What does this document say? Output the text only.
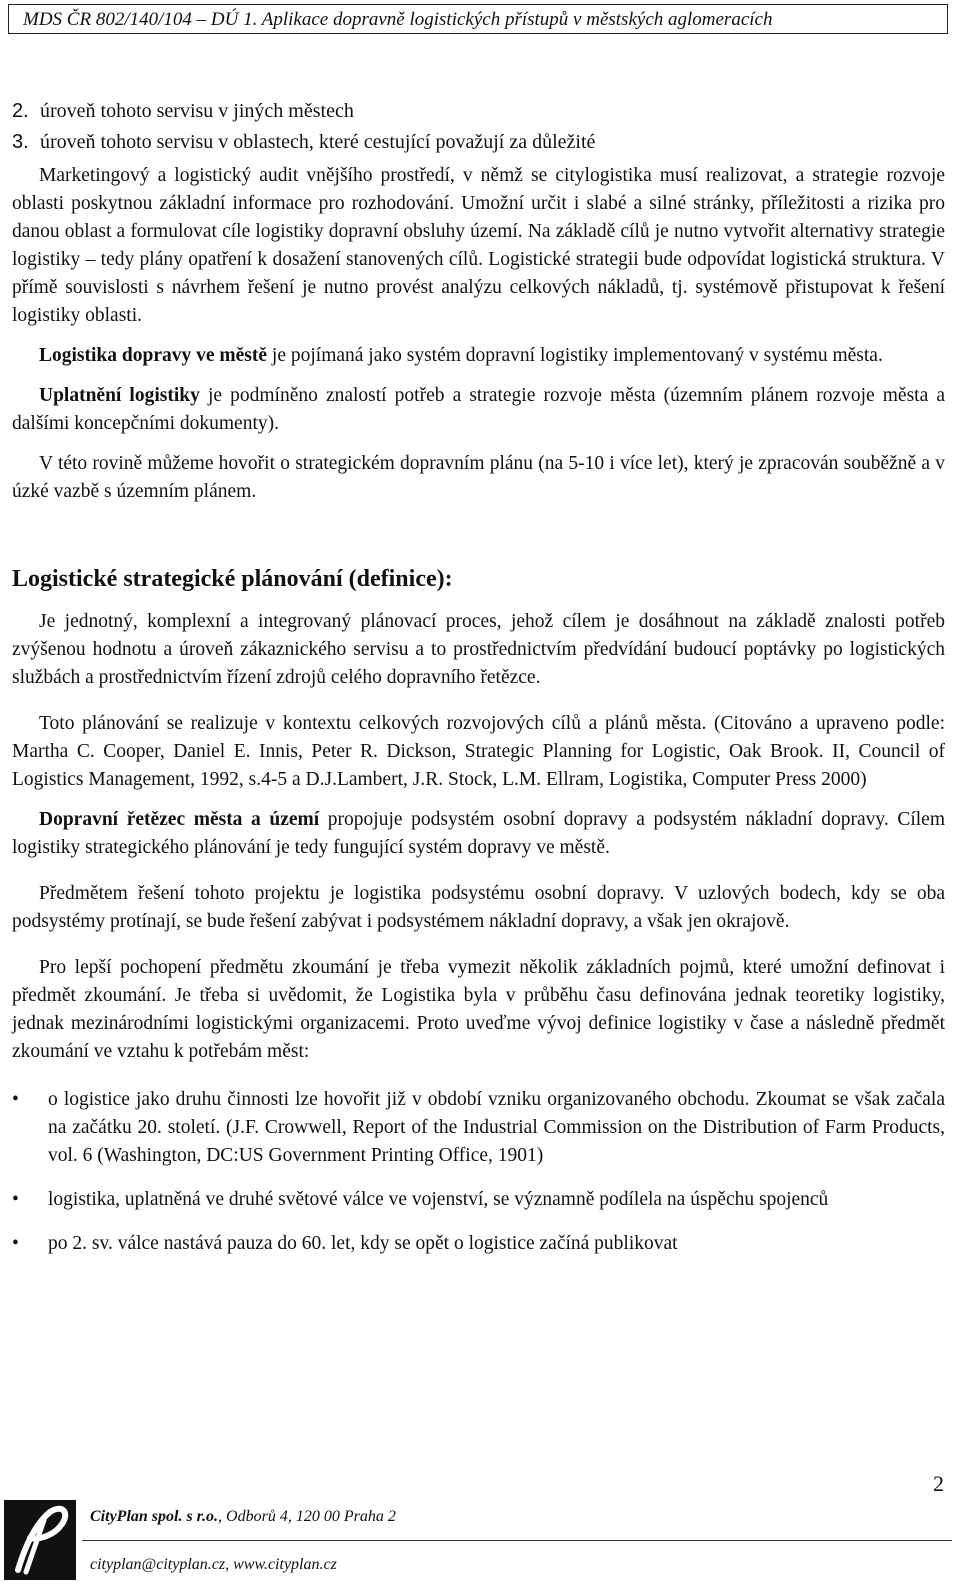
MDS ČR 802/140/104 – DÚ 1. Aplikace dopravně logistických přístupů v městských aglomeracích
2. úroveň tohoto servisu v jiných městech
3. úroveň tohoto servisu v oblastech, které cestující považují za důležité

Marketingový a logistický audit vnějšího prostředí, v němž se citylogistika musí realizovat, a strategie rozvoje oblasti poskytnou základní informace pro rozhodování. Umožní určit i slabé a silné stránky, příležitosti a rizika pro danou oblast a formulovat cíle logistiky dopravní obsluhy území. Na základě cílů je nutno vytvořit alternativy strategie logistiky – tedy plány opatření k dosažení stanovených cílů. Logistické strategii bude odpovídat logistická struktura. V přímě souvislosti s návrhem řešení je nutno provést analýzu celkových nákladů, tj. systémově přistupovat k řešení logistiky oblasti.

Logistika dopravy ve městě je pojímaná jako systém dopravní logistiky implementovaný v systému města.

Uplatnění logistiky je podmíněno znalostí potřeb a strategie rozvoje města (územním plánem rozvoje města a dalšími koncepčními dokumenty).

V této rovině můžeme hovořit o strategickém dopravním plánu (na 5-10 i více let), který je zpracován souběžně a v úzké vazbě s územním plánem.

Logistické strategické plánování (definice):

Je jednotný, komplexní a integrovaný plánovací proces, jehož cílem je dosáhnout na základě znalosti potřeb zvýšenou hodnotu a úroveň zákaznického servisu a to prostřednictvím předvídání budoucí poptávky po logistických službách a prostřednictvím řízení zdrojů celého dopravního řetězce.

Toto plánování se realizuje v kontextu celkových rozvojových cílů a plánů města. (Citováno a upraveno podle: Martha C. Cooper, Daniel E. Innis, Peter R. Dickson, Strategic Planning for Logistic, Oak Brook. II, Council of Logistics Management, 1992, s.4-5 a D.J.Lambert, J.R. Stock, L.M. Ellram, Logistika, Computer Press 2000)

Dopravní řetězec města a území propojuje podsystém osobní dopravy a podsystém nákladní dopravy. Cílem logistiky strategického plánování je tedy fungující systém dopravy ve městě.

Předmětem řešení tohoto projektu je logistika podsystému osobní dopravy. V uzlových bodech, kdy se oba podsystémy protínají, se bude řešení zabývat i podsystémem nákladní dopravy, a však jen okrajově.

Pro lepší pochopení předmětu zkoumání je třeba vymezit několik základních pojmů, které umožní definovat i předmět zkoumání. Je třeba si uvědomit, že Logistika byla v průběhu času definována jednak teoretiky logistiky, jednak mezinárodními logistickými organizacemi. Proto uveďme vývoj definice logistiky v čase a následně předmět zkoumání ve vztahu k potřebám měst:

• o logistice jako druhu činnosti lze hovořit již v období vzniku organizovaného obchodu. Zkoumat se však začala na začátku 20. století. (J.F. Crowwell, Report of the Industrial Commission on the Distribution of Farm Products, vol. 6 (Washington, DC:US Government Printing Office, 1901)
• logistika, uplatněná ve druhé světové válce ve vojenství, se významně podílela na úspěchu spojenců
• po 2. sv. válce nastává pauza do 60. let, kdy se opět o logistice začíná publikovat
2
CityPlan spol. s r.o., Odborů 4, 120 00 Praha 2
cityplan@cityplan.cz, www.cityplan.cz
